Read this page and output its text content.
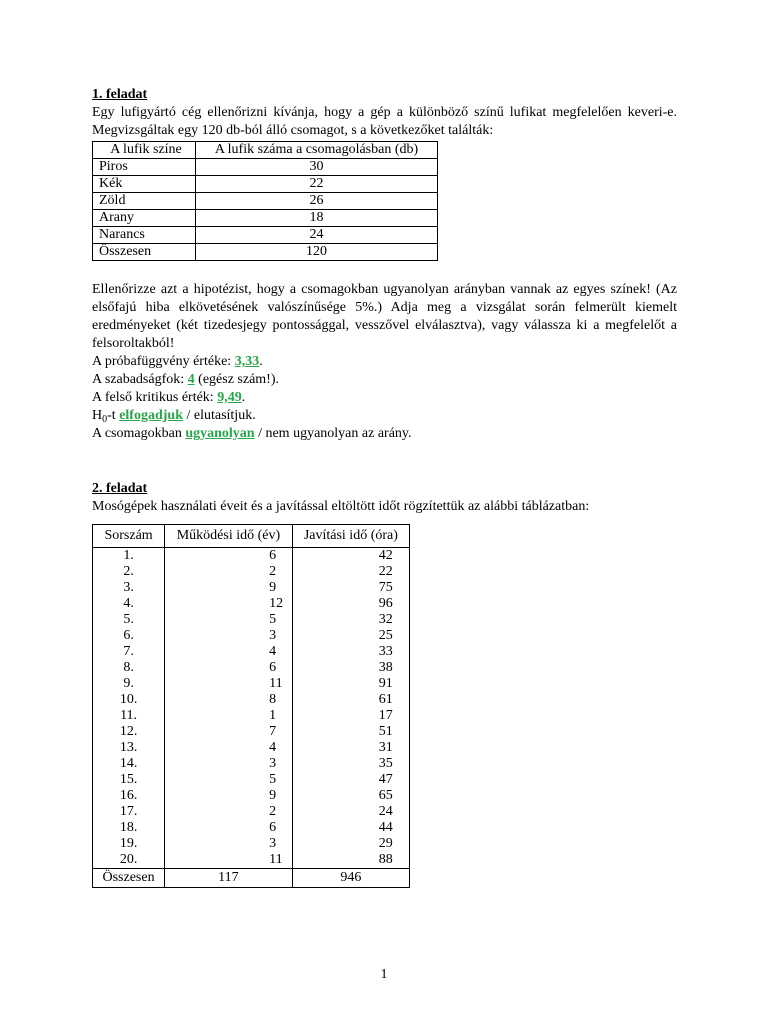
1. feladat
Egy lufigyártó cég ellenőrizni kívánja, hogy a gép a különböző színű lufikat megfelelően keveri-e. Megvizsgáltak egy 120 db-ból álló csomagot, s a következőket találták:
A lufik színe	A lufik száma a csomagolásban (db)
Piros	30
Kék	22
Zöld	26
Arany	18
Narancs	24
Összesen	120
Ellenőrizze azt a hipotézist, hogy a csomagokban ugyanolyan arányban vannak az egyes színek! (Az elsőfajú hiba elkövetésének valószínűsége 5%.) Adja meg a vizsgálat során felmerült kiemelt eredményeket (két tizedesjegy pontossággal, vesszővel elválasztva), vagy válassza ki a megfelelőt a felsoroltakból!
A próbafüggvény értéke: 3,33.
A szabadságfok: 4 (egész szám!).
A felső kritikus érték: 9,49.
$H_0-t$ elfogadjuk / elutasítjuk.
A csomagokban ugyanolyan / nem ugyanolyan az arány.
2. feladat
Mosógépek használati éveit és a javítással eltöltött időt rögzítettük az alábbi táblázatban:
Sorszám	Működési idő (év)	Javítási idő (óra)
1.	6	42
2.	2	22
3.	9	75
4.	12	96
5.	5	32
6.	3	25
7.	4	33
8.	6	38
9.	11	91
10.	8	61
11.	1	17
12.	7	51
13.	4	31
14.	3	35
15.	5	47
16.	9	65
17.	2	24
18.	6	44
19.	3	29
20.	11	88
Összesen	117	946
1
